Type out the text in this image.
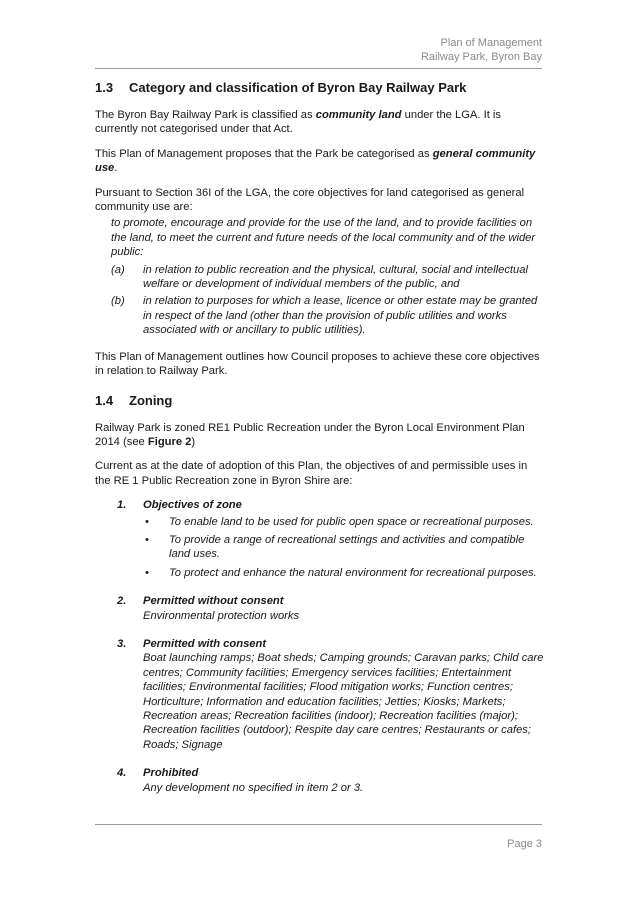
Plan of Management
Railway Park, Byron Bay
1.3 Category and classification of Byron Bay Railway Park

The Byron Bay Railway Park is classified as community land under the LGA. It is currently not categorised under that Act.

This Plan of Management proposes that the Park be categorised as general community use.

Pursuant to Section 36I of the LGA, the core objectives for land categorised as general community use are:

to promote, encourage and provide for the use of the land, and to provide facilities on the land, to meet the current and future needs of the local community and of the wider public:

(a)	in relation to public recreation and the physical, cultural, social and intellectual welfare or development of individual members of the public, and
(b)	in relation to purposes for which a lease, licence or other estate may be granted in respect of the land (other than the provision of public utilities and works associated with or ancillary to public utilities).

This Plan of Management outlines how Council proposes to achieve these core objectives in relation to Railway Park.

1.4 Zoning

Railway Park is zoned RE1 Public Recreation under the Byron Local Environment Plan 2014 (see Figure 2)

Current as at the date of adoption of this Plan, the objectives of and permissible uses in the RE 1 Public Recreation zone in Byron Shire are:

1.	Objectives of zone
•	To enable land to be used for public open space or recreational purposes.
•	To provide a range of recreational settings and activities and compatible land uses.
•	To protect and enhance the natural environment for recreational purposes.
2.	Permitted without consent
Environmental protection works
3.	Permitted with consent
Boat launching ramps; Boat sheds; Camping grounds; Caravan parks; Child care centres; Community facilities; Emergency services facilities; Entertainment facilities; Environmental facilities; Flood mitigation works; Function centres; Horticulture; Information and education facilities; Jetties; Kiosks; Markets; Recreation areas; Recreation facilities (indoor); Recreation facilities (major); Recreation facilities (outdoor); Respite day care centres; Restaurants or cafes; Roads; Signage
4.	Prohibited
Any development no specified in item 2 or 3.
Page 3
